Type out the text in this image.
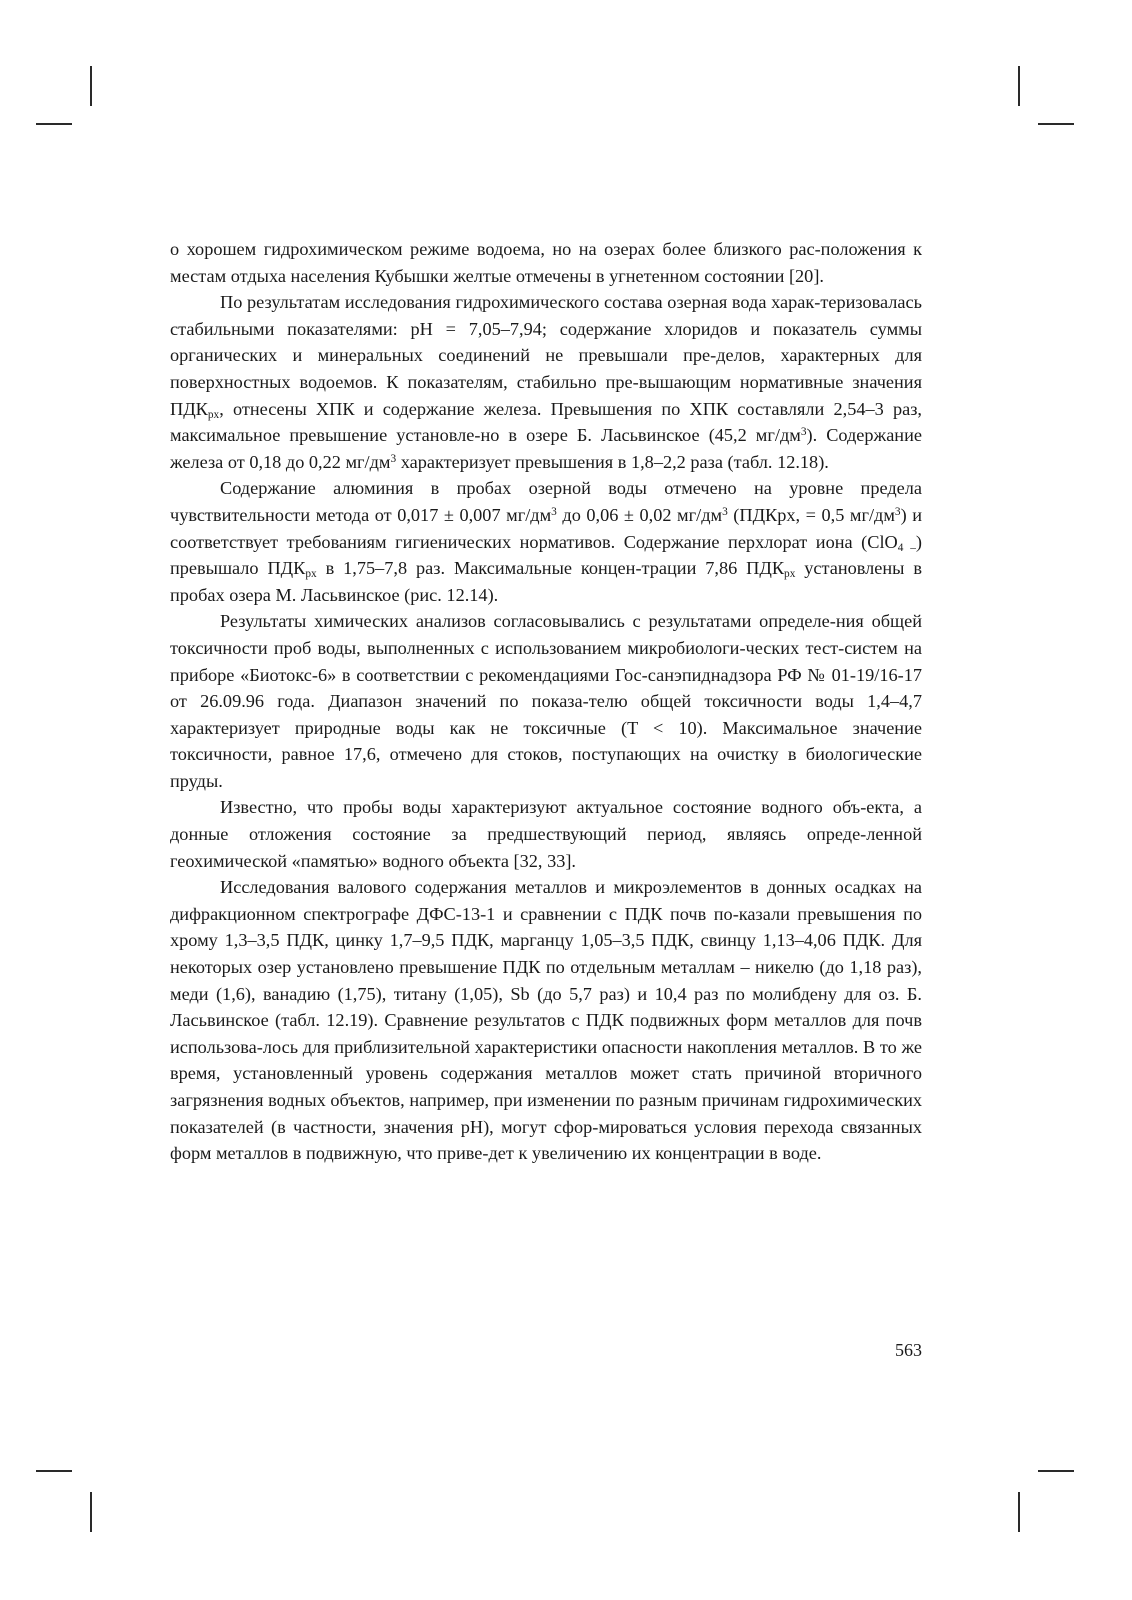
о хорошем гидрохимическом режиме водоема, но на озерах более близкого рас-положения к местам отдыха населения Кубышки желтые отмечены в угнетенном состоянии [20].

По результатам исследования гидрохимического состава озерная вода харак-теризовалась стабильными показателями: pH = 7,05–7,94; содержание хлоридов и показатель суммы органических и минеральных соединений не превышали пре-делов, характерных для поверхностных водоемов. К показателям, стабильно пре-вышающим нормативные значения $ПДК_{рх}$, отнесены ХПК и содержание железа. Превышения по ХПК составляли 2,54–3 раз, максимальное превышение установле-но в озере Б. Ласьвинское (45,2 $мг/дм^3$). Содержание железа от 0,18 до 0,22 $мг/дм^3$ характеризует превышения в 1,8–2,2 раза (табл. 12.18).

Содержание алюминия в пробах озерной воды отмечено на уровне предела чувствительности метода от 0,017 ± 0,007 $мг/дм^3$ до 0,06 ± 0,02 $мг/дм^3$ (ПДКрх, = 0,5 $мг/дм^3$) и соответствует требованиям гигиенических нормативов. Содержание перхлорат иона (ClO$_{4 -}$) превышало $ПДК_{рх}$ в 1,75–7,8 раз. Максимальные концен-трации 7,86 $ПДК_{рх}$ установлены в пробах озера М. Ласьвинское (рис. 12.14).

Результаты химических анализов согласовывались с результатами определе-ния общей токсичности проб воды, выполненных с использованием микробиологи-ческих тест-систем на приборе «Биотокс-6» в соответствии с рекомендациями Гос-санэпиднадзора РФ № 01-19/16-17 от 26.09.96 года. Диапазон значений по показа-телю общей токсичности воды 1,4–4,7 характеризует природные воды как не токсичные (T < 10). Максимальное значение токсичности, равное 17,6, отмечено для стоков, поступающих на очистку в биологические пруды.

Известно, что пробы воды характеризуют актуальное состояние водного объ-екта, а донные отложения состояние за предшествующий период, являясь опреде-ленной геохимической «памятью» водного объекта [32, 33].

Исследования валового содержания металлов и микроэлементов в донных осадках на дифракционном спектрографе ДФС-13-1 и сравнении с ПДК почв по-казали превышения по хрому 1,3–3,5 ПДК, цинку 1,7–9,5 ПДК, марганцу 1,05–3,5 ПДК, свинцу 1,13–4,06 ПДК. Для некоторых озер установлено превышение ПДК по отдельным металлам – никелю (до 1,18 раз), меди (1,6), ванадию (1,75), титану (1,05), Sb (до 5,7 раз) и 10,4 раз по молибдену для оз. Б. Ласьвинское (табл. 12.19). Сравнение результатов с ПДК подвижных форм металлов для почв использова-лось для приблизительной характеристики опасности накопления металлов. В то же время, установленный уровень содержания металлов может стать причиной вторичного загрязнения водных объектов, например, при изменении по разным причинам гидрохимических показателей (в частности, значения pH), могут сфор-мироваться условия перехода связанных форм металлов в подвижную, что приве-дет к увеличению их концентрации в воде.

563
